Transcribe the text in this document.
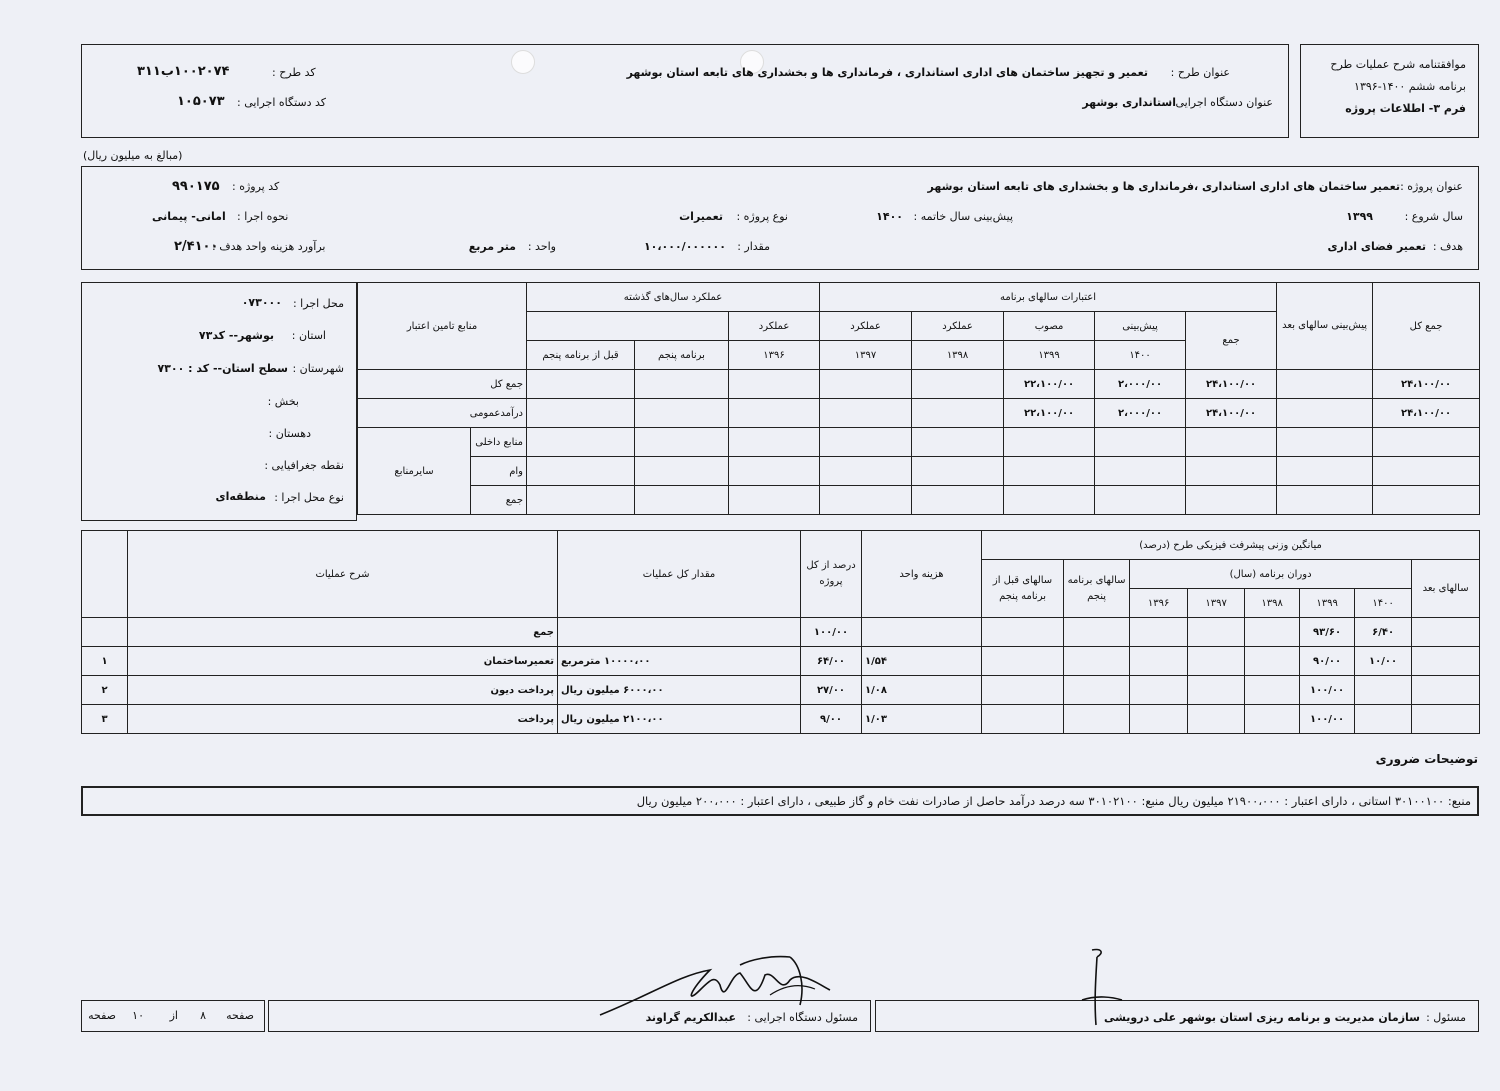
موافقتنامه شرح عملیات طرح
برنامه ششم ۱۴۰۰-۱۳۹۶
فرم ۳- اطلاعات پروژه
عنوان طرح :
تعمیر و تجهیز ساختمان های اداری استانداری ، فرمانداری ها و بخشداری های تابعه استان بوشهر
عنوان دستگاه اجرایی :
استانداری بوشهر
کد طرح :
۱۰۰۲۰۷۴ب۳۱۱
کد دستگاه اجرایی :
۱۰۵۰۷۳
(مبالغ به میلیون ریال)
عنوان پروژه :
تعمیر ساختمان های اداری استانداری ،فرمانداری ها و بخشداری های تابعه استان بوشهر
کد پروژه :
۹۹۰۱۷۵
سال شروع :
۱۳۹۹
پیش‌بینی سال خاتمه :
۱۴۰۰
نوع پروژه :
تعمیرات
نحوه اجرا :
امانی- پیمانی
هدف :
تعمیر فضای اداری
مقدار :
۱۰،۰۰۰/۰۰۰۰۰۰
واحد :
متر مربع
برآورد هزینه واحد هدف :
۲/۴۱۰۰
محل اجرا :
۰۷۳۰۰۰
استان :
بوشهر-- کد۷۳
شهرستان :
سطح استان-- کد : ۷۳۰۰
بخش :
دهستان :
نقطه جغرافیایی :
نوع محل اجرا :
منطقه‌ای
جمع کل	پیش‌بینی سالهای بعد	اعتبارات سالهای برنامه					عملکرد سال‌های گذشته			منابع تامین اعتبار	
		جمع	پیش‌بینی	مصوب	عملکرد	عملکرد	عملکرد				
			۱۴۰۰	۱۳۹۹	۱۳۹۸	۱۳۹۷	۱۳۹۶	برنامه پنجم	قبل از برنامه پنجم		
۲۴،۱۰۰/۰۰		۲۴،۱۰۰/۰۰	۲،۰۰۰/۰۰	۲۲،۱۰۰/۰۰						جمع کل	
۲۴،۱۰۰/۰۰		۲۴،۱۰۰/۰۰	۲،۰۰۰/۰۰	۲۲،۱۰۰/۰۰						درآمدعمومی	
										منابع داخلی	سایرمنابع
										وام	
										جمع	
میانگین وزنی پیشرفت فیزیکی طرح (درصد)								هزینه واحد	درصد از کل پروژه	مقدار کل عملیات	شرح عملیات	
سالهای بعد	دوران برنامه (سال)					سالهای برنامه پنجم	سالهای قبل از برنامه پنجم					
	۱۴۰۰	۱۳۹۹	۱۳۹۸	۱۳۹۷	۱۳۹۶							
	۶/۴۰	۹۳/۶۰							۱۰۰/۰۰		جمع	
	۱۰/۰۰	۹۰/۰۰						۱/۵۴	۶۴/۰۰	۱۰۰۰۰،۰۰ مترمربع	تعمیرساختمان	۱
		۱۰۰/۰۰						۱/۰۸	۲۷/۰۰	۶۰۰۰،۰۰ میلیون ریال	پرداخت دیون	۲
		۱۰۰/۰۰						۱/۰۳	۹/۰۰	۲۱۰۰،۰۰ میلیون ریال	پرداخت	۳
توضیحات ضروری
منبع: ۳۰۱۰۰۱۰۰ استانی ، دارای اعتبار : ۲۱۹۰۰،۰۰۰ میلیون ریال منبع: ۳۰۱۰۲۱۰۰ سه درصد درآمد حاصل از صادرات نفت خام و گاز طبیعی ، دارای اعتبار : ۲۰۰،۰۰۰ میلیون ریال
مسئول :
سازمان مدیریت و برنامه ریزی استان بوشهر علی درویشی
مسئول دستگاه اجرایی :
عبدالکریم گراوند
صفحه
۸
از
۱۰
صفحه
